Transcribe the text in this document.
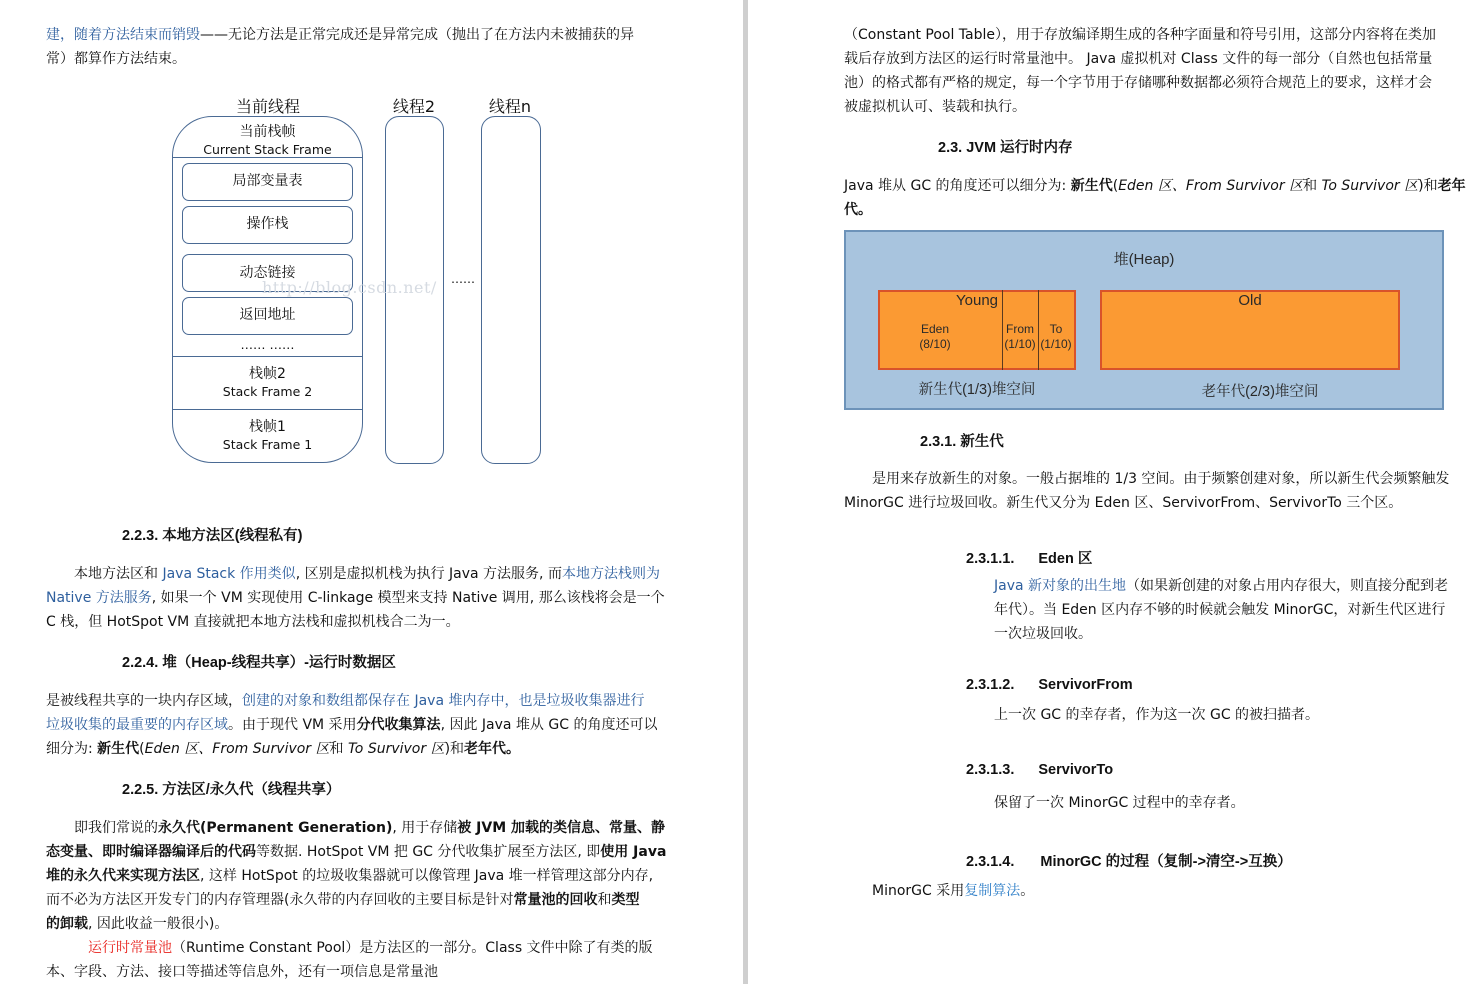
建，随着方法结束而销毁——无论方法是正常完成还是异常完成（抛出了在方法内未被捕获的异
常）都算作方法结束。
当前线程	线程2	线程n
当前栈帧
Current Stack Frame
局部变量表
操作栈
动态链接
返回地址
…… ……
栈帧2
Stack Frame 2
栈帧1
Stack Frame 1
……
http://blog.csdn.net/
2.2.3. 本地方法区(线程私有)
本地方法区和 Java Stack 作用类似, 区别是虚拟机栈为执行 Java 方法服务, 而本地方法栈则为
Native 方法服务, 如果一个 VM 实现使用 C-linkage 模型来支持 Native 调用, 那么该栈将会是一个
C 栈，但 HotSpot VM 直接就把本地方法栈和虚拟机栈合二为一。
2.2.4. 堆（Heap-线程共享）-运行时数据区
是被线程共享的一块内存区域，创建的对象和数组都保存在 Java 堆内存中，也是垃圾收集器进行
垃圾收集的最重要的内存区域。由于现代 VM 采用分代收集算法, 因此 Java 堆从 GC 的角度还可以
细分为: 新生代(Eden 区、From Survivor 区和 To Survivor 区)和老年代。
2.2.5. 方法区/永久代（线程共享）
即我们常说的永久代(Permanent Generation), 用于存储被 JVM 加载的类信息、常量、静
态变量、即时编译器编译后的代码等数据. HotSpot VM 把 GC 分代收集扩展至方法区, 即使用 Java
堆的永久代来实现方法区, 这样 HotSpot 的垃圾收集器就可以像管理 Java 堆一样管理这部分内存,
而不必为方法区开发专门的内存管理器(永久带的内存回收的主要目标是针对常量池的回收和类型
的卸载, 因此收益一般很小)。
运行时常量池（Runtime Constant Pool）是方法区的一部分。Class 文件中除了有类的版
本、字段、方法、接口等描述等信息外，还有一项信息是常量池
（Constant Pool Table），用于存放编译期生成的各种字面量和符号引用，这部分内容将在类加
载后存放到方法区的运行时常量池中。 Java 虚拟机对 Class 文件的每一部分（自然也包括常量
池）的格式都有严格的规定，每一个字节用于存储哪种数据都必须符合规范上的要求，这样才会
被虚拟机认可、装载和执行。
2.3. JVM 运行时内存
Java 堆从 GC 的角度还可以细分为: 新生代(Eden 区、From Survivor 区和 To Survivor 区)和老年
代。
堆(Heap)
Young
Eden
(8/10)
From
(1/10)
To
(1/10)
Old
新生代(1/3)堆空间	老年代(2/3)堆空间
2.3.1. 新生代
是用来存放新生的对象。一般占据堆的 1/3 空间。由于频繁创建对象，所以新生代会频繁触发
MinorGC 进行垃圾回收。新生代又分为 Eden 区、ServivorFrom、ServivorTo 三个区。
2.3.1.1. Eden 区
Java 新对象的出生地（如果新创建的对象占用内存很大，则直接分配到老
年代）。当 Eden 区内存不够的时候就会触发 MinorGC，对新生代区进行
一次垃圾回收。
2.3.1.2. ServivorFrom
上一次 GC 的幸存者，作为这一次 GC 的被扫描者。
2.3.1.3. ServivorTo
保留了一次 MinorGC 过程中的幸存者。
2.3.1.4. MinorGC 的过程（复制->清空->互换）
MinorGC 采用复制算法。
